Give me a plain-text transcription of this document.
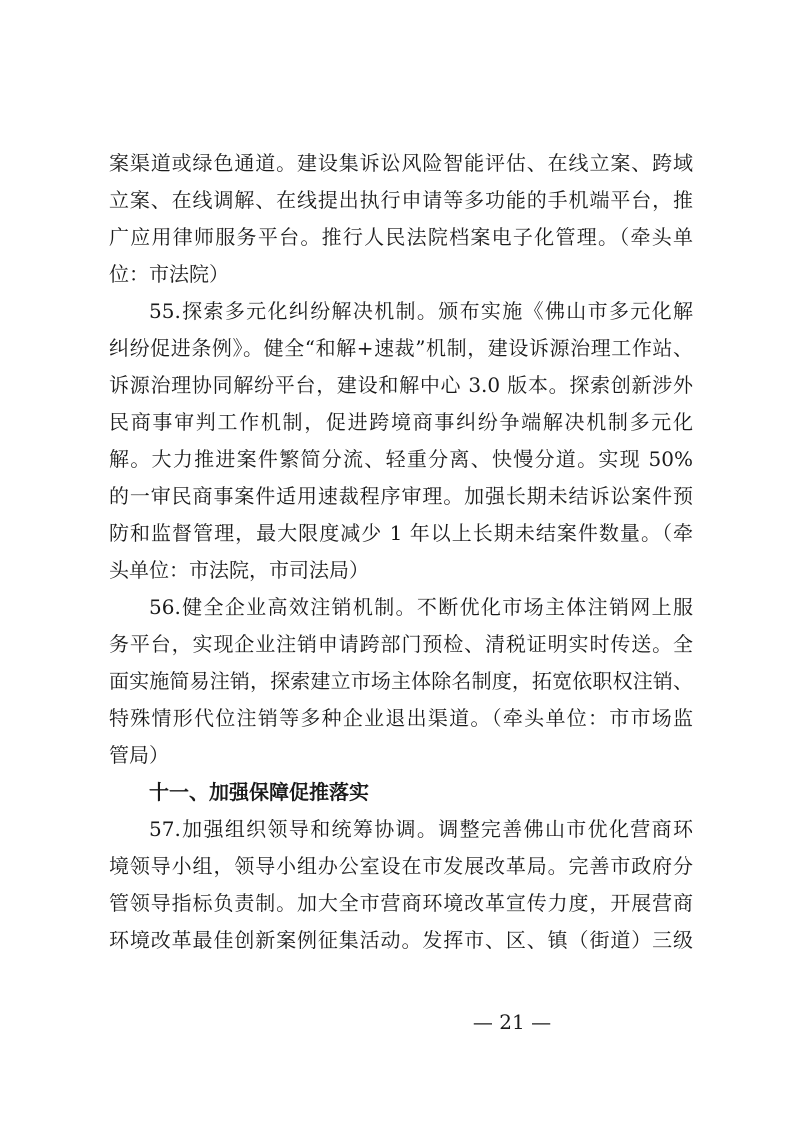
案渠道或绿色通道。建设集诉讼风险智能评估、在线立案、跨域
立案、在线调解、在线提出执行申请等多功能的手机端平台，推
广应用律师服务平台。推行人民法院档案电子化管理。（牵头单
位：市法院）
55.探索多元化纠纷解决机制。颁布实施《佛山市多元化解
纠纷促进条例》。健全“和解+速裁”机制，建设诉源治理工作站、
诉源治理协同解纷平台，建设和解中心 3.0 版本。探索创新涉外
民商事审判工作机制，促进跨境商事纠纷争端解决机制多元化
解。大力推进案件繁简分流、轻重分离、快慢分道。实现 50%
的一审民商事案件适用速裁程序审理。加强长期未结诉讼案件预
防和监督管理，最大限度减少 1 年以上长期未结案件数量。（牵
头单位：市法院，市司法局）
56.健全企业高效注销机制。不断优化市场主体注销网上服
务平台，实现企业注销申请跨部门预检、清税证明实时传送。全
面实施简易注销，探索建立市场主体除名制度，拓宽依职权注销、
特殊情形代位注销等多种企业退出渠道。（牵头单位：市市场监
管局）
十一、加强保障促推落实
57.加强组织领导和统筹协调。调整完善佛山市优化营商环
境领导小组，领导小组办公室设在市发展改革局。完善市政府分
管领导指标负责制。加大全市营商环境改革宣传力度，开展营商
环境改革最佳创新案例征集活动。发挥市、区、镇（街道）三级
— 21 —
